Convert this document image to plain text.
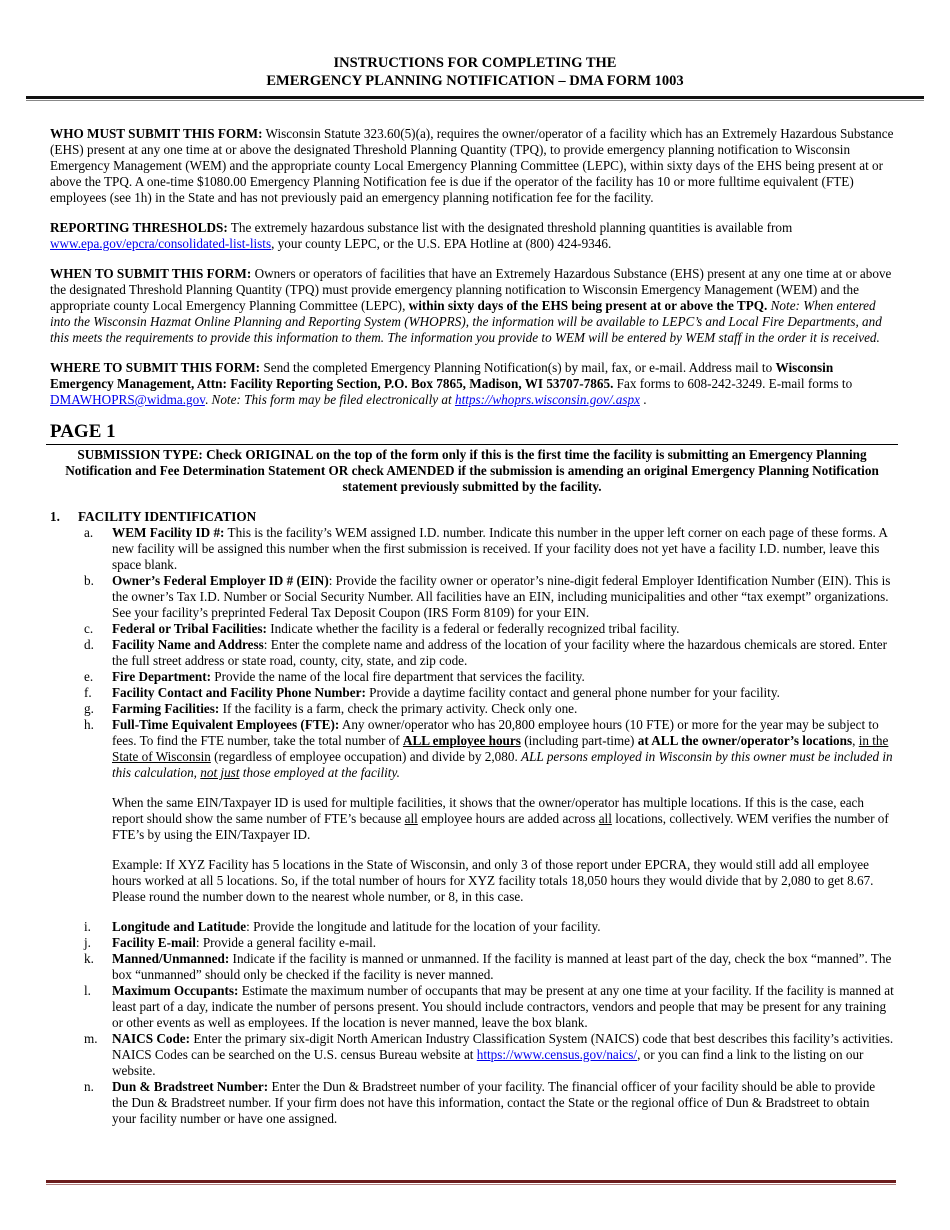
INSTRUCTIONS FOR COMPLETING THE
EMERGENCY PLANNING NOTIFICATION – DMA FORM 1003

WHO MUST SUBMIT THIS FORM: Wisconsin Statute 323.60(5)(a), requires the owner/operator of a facility which has an Extremely Hazardous Substance (EHS) present at any one time at or above the designated Threshold Planning Quantity (TPQ), to provide emergency planning notification to Wisconsin Emergency Management (WEM) and the appropriate county Local Emergency Planning Committee (LEPC), within sixty days of the EHS being present at or above the TPQ. A one-time $1080.00 Emergency Planning Notification fee is due if the operator of the facility has 10 or more fulltime equivalent (FTE) employees (see 1h) in the State and has not previously paid an emergency planning notification fee for the facility.

REPORTING THRESHOLDS: The extremely hazardous substance list with the designated threshold planning quantities is available from www.epa.gov/epcra/consolidated-list-lists, your county LEPC, or the U.S. EPA Hotline at (800) 424-9346.

WHEN TO SUBMIT THIS FORM: Owners or operators of facilities that have an Extremely Hazardous Substance (EHS) present at any one time at or above the designated Threshold Planning Quantity (TPQ) must provide emergency planning notification to Wisconsin Emergency Management (WEM) and the appropriate county Local Emergency Planning Committee (LEPC), within sixty days of the EHS being present at or above the TPQ. Note: When entered into the Wisconsin Hazmat Online Planning and Reporting System (WHOPRS), the information will be available to LEPC’s and Local Fire Departments, and this meets the requirements to provide this information to them. The information you provide to WEM will be entered by WEM staff in the order it is received.

WHERE TO SUBMIT THIS FORM: Send the completed Emergency Planning Notification(s) by mail, fax, or e-mail. Address mail to Wisconsin Emergency Management, Attn: Facility Reporting Section, P.O. Box 7865, Madison, WI 53707-7865. Fax forms to 608-242-3249. E-mail forms to DMAWHOPRS@widma.gov. Note: This form may be filed electronically at https://whoprs.wisconsin.gov/.aspx .

PAGE 1
SUBMISSION TYPE: Check ORIGINAL on the top of the form only if this is the first time the facility is submitting an Emergency Planning Notification and Fee Determination Statement OR check AMENDED if the submission is amending an original Emergency Planning Notification statement previously submitted by the facility.
1. FACILITY IDENTIFICATION
a. WEM Facility ID #: This is the facility’s WEM assigned I.D. number. Indicate this number in the upper left corner on each page of these forms. A new facility will be assigned this number when the first submission is received. If your facility does not yet have a facility I.D. number, leave this space blank.
b. Owner’s Federal Employer ID # (EIN): Provide the facility owner or operator’s nine-digit federal Employer Identification Number (EIN). This is the owner’s Tax I.D. Number or Social Security Number. All facilities have an EIN, including municipalities and other “tax exempt” organizations. See your facility’s preprinted Federal Tax Deposit Coupon (IRS Form 8109) for your EIN.
c. Federal or Tribal Facilities: Indicate whether the facility is a federal or federally recognized tribal facility.
d. Facility Name and Address: Enter the complete name and address of the location of your facility where the hazardous chemicals are stored. Enter the full street address or state road, county, city, state, and zip code.
e. Fire Department: Provide the name of the local fire department that services the facility.
f. Facility Contact and Facility Phone Number: Provide a daytime facility contact and general phone number for your facility.
g. Farming Facilities: If the facility is a farm, check the primary activity. Check only one.
h. Full-Time Equivalent Employees (FTE): Any owner/operator who has 20,800 employee hours (10 FTE) or more for the year may be subject to fees. To find the FTE number, take the total number of ALL employee hours (including part-time) at ALL the owner/operator’s locations, in the State of Wisconsin (regardless of employee occupation) and divide by 2,080. ALL persons employed in Wisconsin by this owner must be included in this calculation, not just those employed at the facility.
When the same EIN/Taxpayer ID is used for multiple facilities, it shows that the owner/operator has multiple locations. If this is the case, each report should show the same number of FTE’s because all employee hours are added across all locations, collectively. WEM verifies the number of FTE’s by using the EIN/Taxpayer ID.
Example: If XYZ Facility has 5 locations in the State of Wisconsin, and only 3 of those report under EPCRA, they would still add all employee hours worked at all 5 locations. So, if the total number of hours for XYZ facility totals 18,050 hours they would divide that by 2,080 to get 8.67. Please round the number down to the nearest whole number, or 8, in this case.
i. Longitude and Latitude: Provide the longitude and latitude for the location of your facility.
j. Facility E-mail: Provide a general facility e-mail.
k. Manned/Unmanned: Indicate if the facility is manned or unmanned. If the facility is manned at least part of the day, check the box “manned”. The box “unmanned” should only be checked if the facility is never manned.
l. Maximum Occupants: Estimate the maximum number of occupants that may be present at any one time at your facility. If the facility is manned at least part of a day, indicate the number of persons present. You should include contractors, vendors and people that may be present for any training or other events as well as employees. If the location is never manned, leave the box blank.
m. NAICS Code: Enter the primary six-digit North American Industry Classification System (NAICS) code that best describes this facility’s activities. NAICS Codes can be searched on the U.S. census Bureau website at https://www.census.gov/naics/, or you can find a link to the listing on our website.
n. Dun & Bradstreet Number: Enter the Dun & Bradstreet number of your facility. The financial officer of your facility should be able to provide the Dun & Bradstreet number. If your firm does not have this information, contact the State or the regional office of Dun & Bradstreet to obtain your facility number or have one assigned.
